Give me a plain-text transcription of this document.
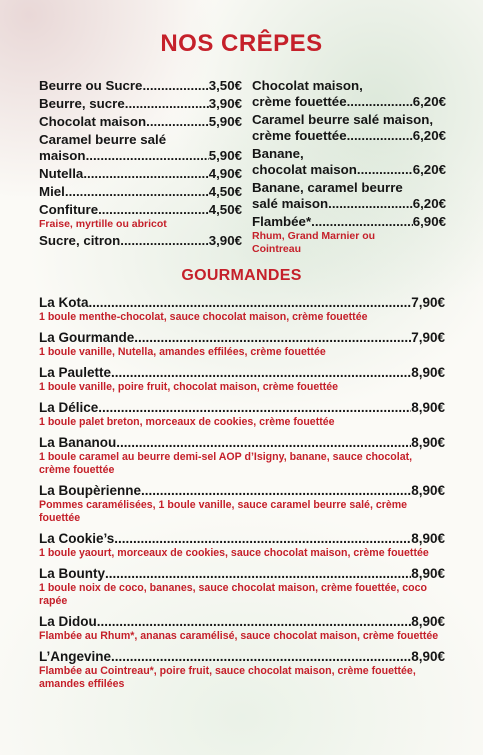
NOS CRÊPES
Beurre ou Sucre .....	3,50€
Beurre, sucre .....	3,90€
Chocolat maison .....	5,90€
Caramel beurre salé
maison .....	5,90€
Nutella .....	4,90€
Miel .....	4,50€
Confiture .....	4,50€
Fraise, myrtille ou abricot
Sucre, citron .....	3,90€
Chocolat maison,
crème fouettée .....	6,20€
Caramel beurre salé maison,
crème fouettée .....	6,20€
Banane,
chocolat maison .....	6,20€
Banane, caramel beurre
salé maison .....	6,20€
Flambée* .....	6,90€
Rhum, Grand Marnier ou Cointreau
GOURMANDES
La Kota .....	7,90€
1 boule menthe-chocolat, sauce chocolat maison, crème fouettée
La Gourmande .....	7,90€
1 boule vanille, Nutella, amandes effilées, crème fouettée
La Paulette .....	8,90€
1 boule vanille, poire fruit, chocolat maison, crème fouettée
La Délice .....	8,90€
1 boule palet breton, morceaux de cookies, crème fouettée
La Bananou .....	8,90€
1 boule caramel au beurre demi-sel AOP d’Isigny, banane, sauce chocolat, crème fouettée
La Boupèrienne .....	8,90€
Pommes caramélisées, 1 boule vanille, sauce caramel beurre salé, crème fouettée
La Cookie’s .....	8,90€
1 boule yaourt, morceaux de cookies, sauce chocolat maison, crème fouettée
La Bounty .....	8,90€
1 boule noix de coco, bananes, sauce chocolat maison, crème fouettée, coco rapée
La Didou .....	8,90€
Flambée au Rhum*, ananas caramélisé, sauce chocolat maison, crème fouettée
L’Angevine .....	8,90€
Flambée au Cointreau*, poire fruit, sauce chocolat maison, crème fouettée, amandes effilées
